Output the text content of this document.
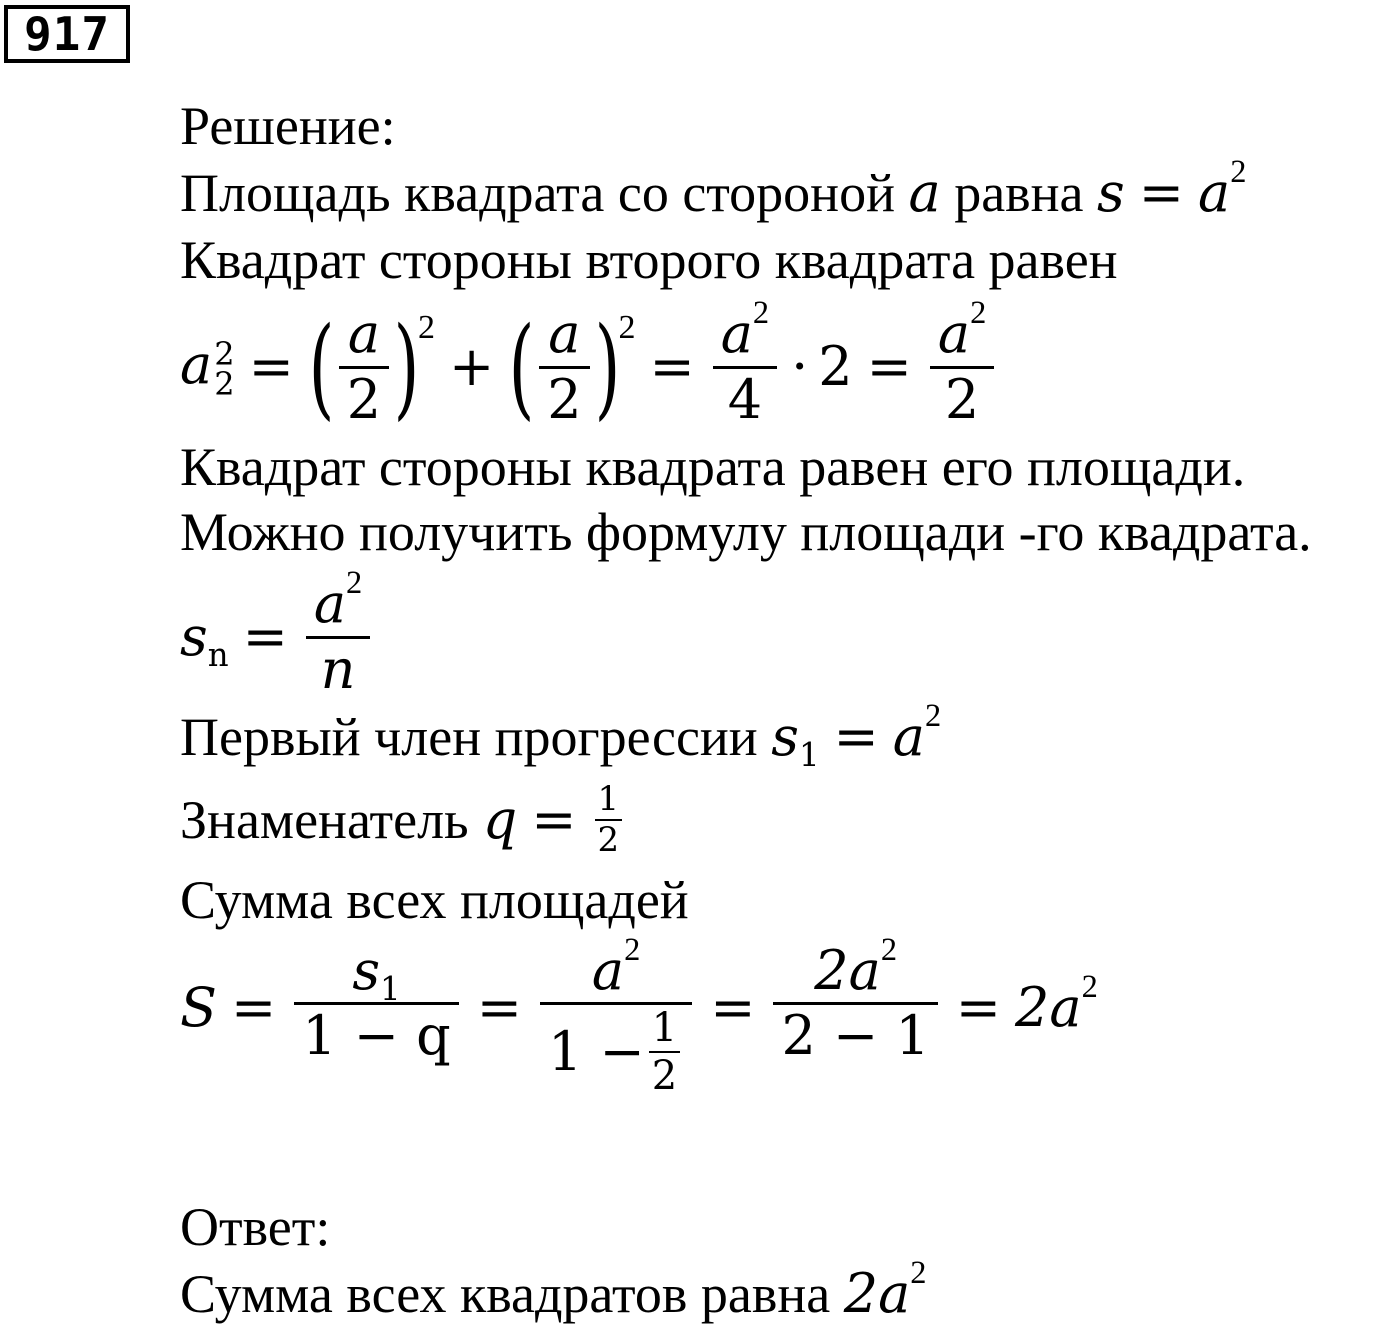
917
Решение:
Площадь квадрата со стороной a равна $s = a^2$
Квадрат стороны второго квадрата равен
a 2
2 = ( $\frac{a}{2}$ )
2
+ ( $\frac{a}{2}$ )
2
= $\frac{a^2}{4} \cdot 2 = \frac{a^2}{2}$
Квадрат стороны квадрата равен его площади.
Можно получить формулу площади -го квадрата.
$s_n = \frac{a^2}{n}$
Первый член прогрессии $s_1 = a^2$
Знаменатель $q = \frac{1}{2}$
Сумма всех площадей
$S = \frac{s_1}{1 - q} = \frac{a^2}{1 - \frac{1}{2}} = \frac{2a^2}{2 - 1} = 2a^2$
Ответ:
Сумма всех квадратов равна $2a^2$
